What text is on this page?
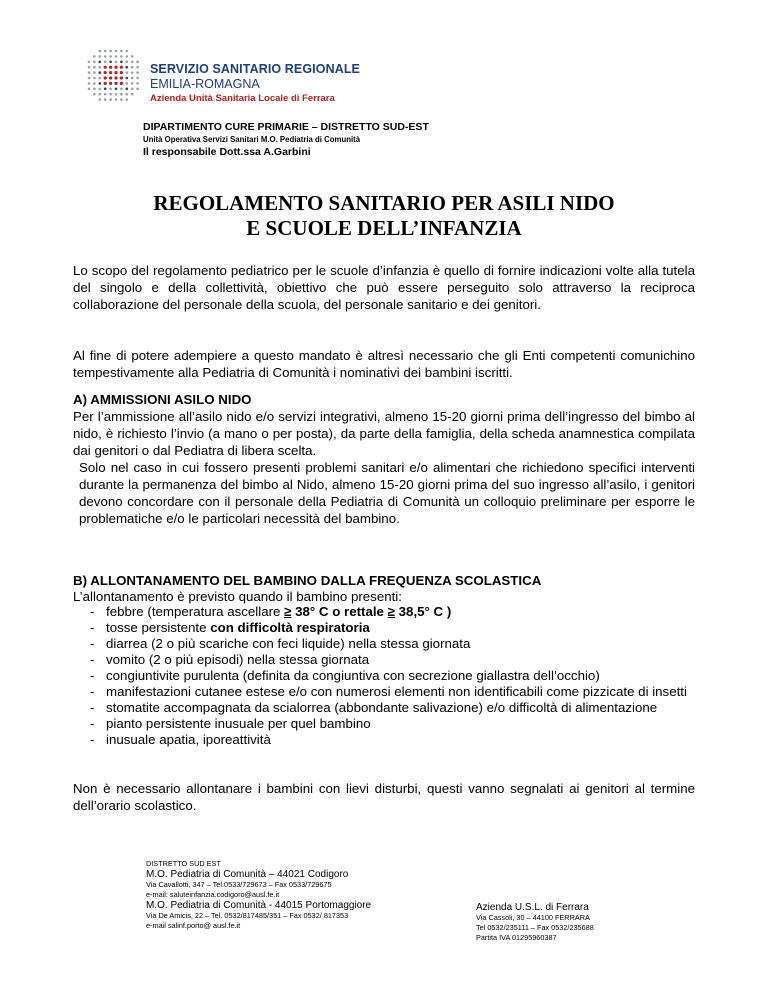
SERVIZIO SANITARIO REGIONALE
EMILIA-ROMAGNA
Azienda Unità Sanitaria Locale di Ferrara
DIPARTIMENTO CURE PRIMARIE – DISTRETTO SUD-EST
Unità Operativa Servizi Sanitari M.O. Pediatria di Comunità
Il responsabile Dott.ssa A.Garbini
REGOLAMENTO SANITARIO PER ASILI NIDO
E SCUOLE DELL’INFANZIA
Lo scopo del regolamento pediatrico per le scuole d’infanzia è quello di fornire indicazioni volte alla tutela del singolo e della collettività, obiettivo che può essere perseguito solo attraverso la reciproca collaborazione del personale della scuola, del personale sanitario e dei genitori.
Al fine di potere adempiere a questo mandato è altresì necessario che gli Enti competenti comunichino tempestivamente alla Pediatria di Comunità i nominativi dei bambini iscritti.
A) AMMISSIONI ASILO NIDO
Per l’ammissione all’asilo nido e/o servizi integrativi, almeno 15-20 giorni prima dell’ingresso del bimbo al nido, è richiesto l’invio (a mano o per posta), da parte della famiglia, della scheda anamnestica compilata dai genitori o dal Pediatra di libera scelta.
Solo nel caso in cui fossero presenti problemi sanitari e/o alimentari che richiedono specifici interventi durante la permanenza del bimbo al Nido, almeno 15-20 giorni prima del suo ingresso all’asilo, i genitori devono concordare con il personale della Pediatria di Comunità un colloquio preliminare per esporre le problematiche e/o le particolari necessità del bambino.
B) ALLONTANAMENTO DEL BAMBINO DALLA FREQUENZA SCOLASTICA
L’allontanamento è previsto quando il bambino presenti:
- febbre (temperatura ascellare ≥ 38° C o rettale ≥ 38,5° C )
- tosse persistente con difficoltà respiratoria
- diarrea (2 o più scariche con feci liquide) nella stessa giornata
- vomito (2 o più episodi) nella stessa giornata
- congiuntivite purulenta (definita da congiuntiva con secrezione giallastra dell’occhio)
- manifestazioni cutanee estese e/o con numerosi elementi non identificabili come pizzicate di insetti
- stomatite accompagnata da scialorrea (abbondante salivazione) e/o difficoltà di alimentazione
- pianto persistente inusuale per quel bambino
- inusuale apatia, iporeattività
Non è necessario allontanare i bambini con lievi disturbi, questi vanno segnalati ai genitori al termine dell’orario scolastico.
DISTRETTO SUD EST
M.O. Pediatria di Comunità – 44021 Codigoro
Via Cavallotti, 347 – Tel.0533/729673 – Fax 0533/729675
e-mail: saluteinfanzia.codigoro@ausl.fe.it
M.O. Pediatria di Comunità - 44015 Portomaggiore
Via De Amicis, 22 – Tel. 0532/817485/351 – Fax 0532/ 817353
e-mail salinf.porto@ ausl.fe.it
Azienda U.S.L. di Ferrara
Via Cassoli, 30 – 44100 FERRARA
Tel 0532/235111 – Fax 0532/235688
Partita IVA 01295960387
